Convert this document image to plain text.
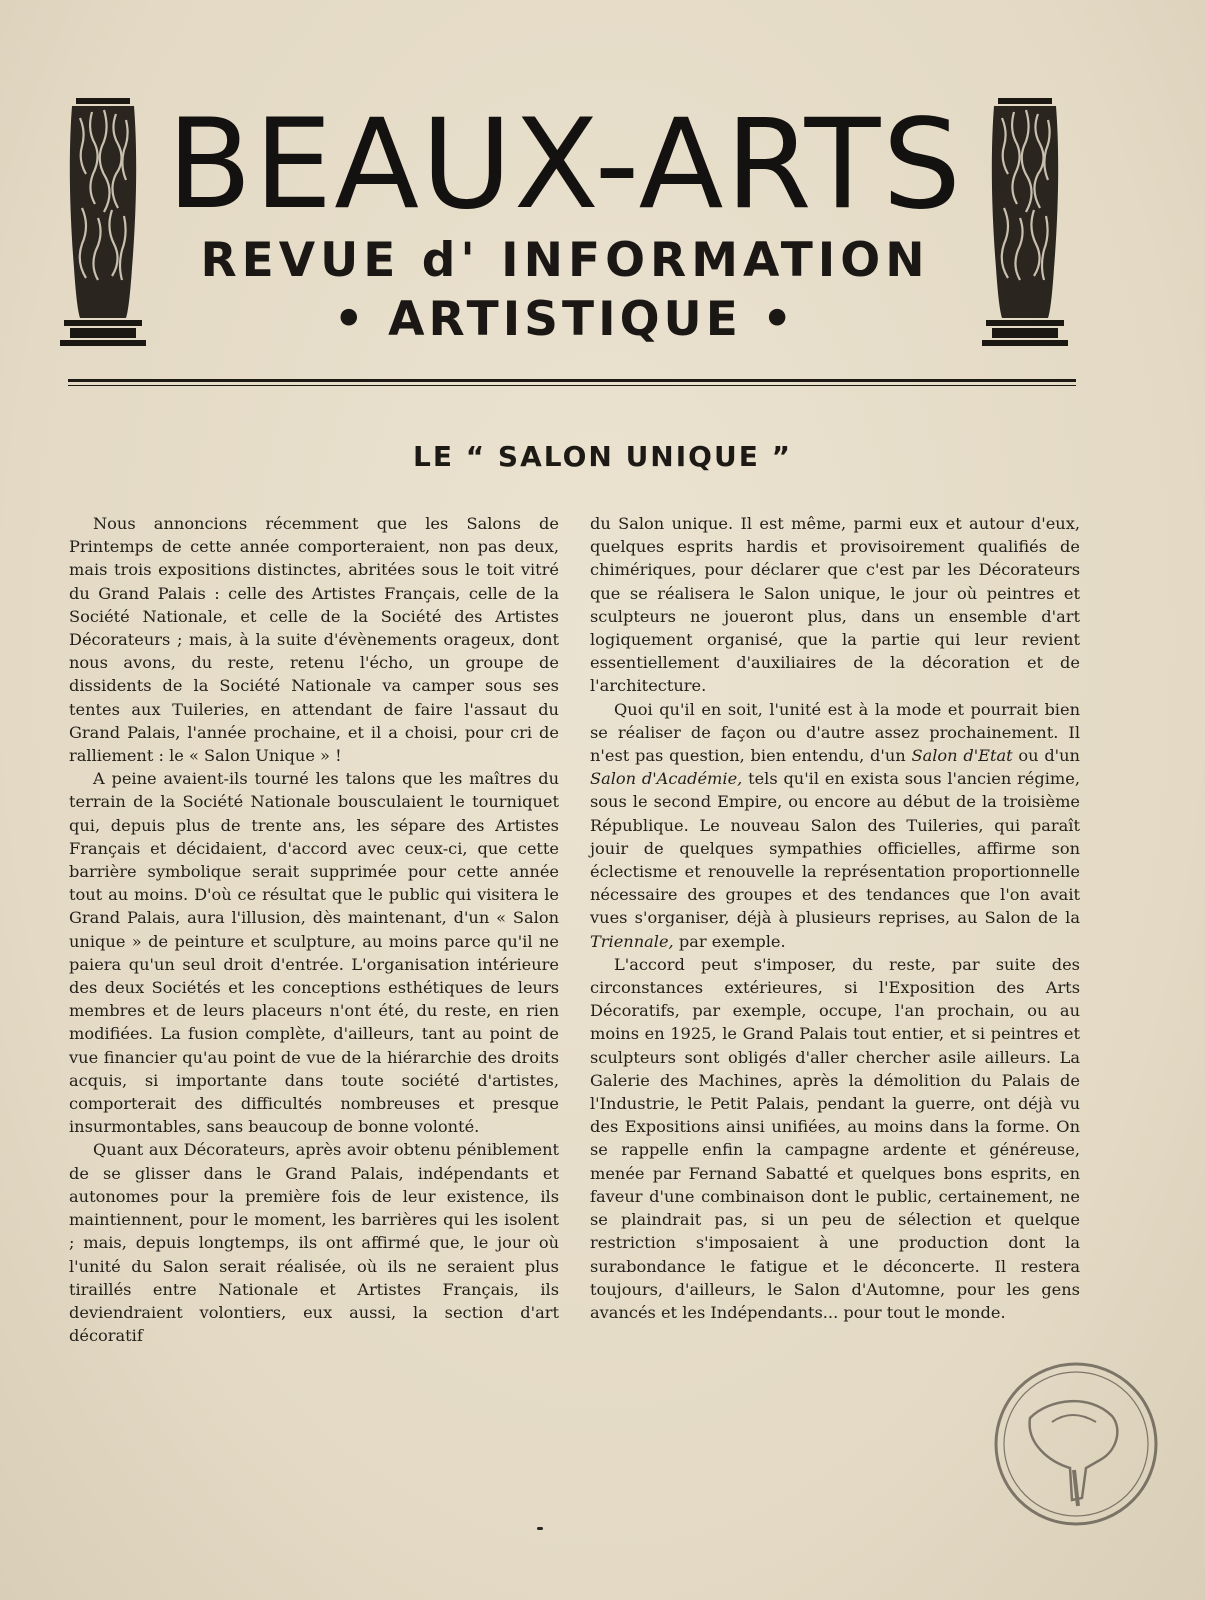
BEAUX-ARTS
REVUE d' INFORMATION
• ARTISTIQUE •
LE “ SALON UNIQUE ”

Nous annoncions récemment que les Salons de Printemps de cette année comporteraient, non pas deux, mais trois expositions distinctes, abritées sous le toit vitré du Grand Palais : celle des Artistes Français, celle de la Société Nationale, et celle de la Société des Artistes Décorateurs ; mais, à la suite d'évènements orageux, dont nous avons, du reste, retenu l'écho, un groupe de dissidents de la Société Nationale va camper sous ses tentes aux Tuileries, en attendant de faire l'assaut du Grand Palais, l'année prochaine, et il a choisi, pour cri de ralliement : le « Salon Unique » !

A peine avaient-ils tourné les talons que les maîtres du terrain de la Société Nationale bousculaient le tourniquet qui, depuis plus de trente ans, les sépare des Artistes Français et décidaient, d'accord avec ceux-ci, que cette barrière symbolique serait supprimée pour cette année tout au moins. D'où ce résultat que le public qui visitera le Grand Palais, aura l'illusion, dès maintenant, d'un « Salon unique » de peinture et sculpture, au moins parce qu'il ne paiera qu'un seul droit d'entrée. L'organisation intérieure des deux Sociétés et les conceptions esthétiques de leurs membres et de leurs placeurs n'ont été, du reste, en rien modifiées. La fusion complète, d'ailleurs, tant au point de vue financier qu'au point de vue de la hiérarchie des droits acquis, si importante dans toute société d'artistes, comporterait des difficultés nombreuses et presque insurmontables, sans beaucoup de bonne volonté.

Quant aux Décorateurs, après avoir obtenu péniblement de se glisser dans le Grand Palais, indépendants et autonomes pour la première fois de leur existence, ils maintiennent, pour le moment, les barrières qui les isolent ; mais, depuis longtemps, ils ont affirmé que, le jour où l'unité du Salon serait réalisée, où ils ne seraient plus tiraillés entre Nationale et Artistes Français, ils deviendraient volontiers, eux aussi, la section d'art décoratif

du Salon unique. Il est même, parmi eux et autour d'eux, quelques esprits hardis et provisoirement qualifiés de chimériques, pour déclarer que c'est par les Décorateurs que se réalisera le Salon unique, le jour où peintres et sculpteurs ne joueront plus, dans un ensemble d'art logiquement organisé, que la partie qui leur revient essentiellement d'auxiliaires de la décoration et de l'architecture.

Quoi qu'il en soit, l'unité est à la mode et pourrait bien se réaliser de façon ou d'autre assez prochainement. Il n'est pas question, bien entendu, d'un Salon d'Etat ou d'un Salon d'Académie, tels qu'il en exista sous l'ancien régime, sous le second Empire, ou encore au début de la troisième République. Le nouveau Salon des Tuileries, qui paraît jouir de quelques sympathies officielles, affirme son éclectisme et renouvelle la représentation proportionnelle nécessaire des groupes et des tendances que l'on avait vues s'organiser, déjà à plusieurs reprises, au Salon de la Triennale, par exemple.

L'accord peut s'imposer, du reste, par suite des circonstances extérieures, si l'Exposition des Arts Décoratifs, par exemple, occupe, l'an prochain, ou au moins en 1925, le Grand Palais tout entier, et si peintres et sculpteurs sont obligés d'aller chercher asile ailleurs. La Galerie des Machines, après la démolition du Palais de l'Industrie, le Petit Palais, pendant la guerre, ont déjà vu des Expositions ainsi unifiées, au moins dans la forme. On se rappelle enfin la campagne ardente et généreuse, menée par Fernand Sabatté et quelques bons esprits, en faveur d'une combinaison dont le public, certainement, ne se plaindrait pas, si un peu de sélection et quelque restriction s'imposaient à une production dont la surabondance le fatigue et le déconcerte. Il restera toujours, d'ailleurs, le Salon d'Automne, pour les gens avancés et les Indépendants... pour tout le monde.
